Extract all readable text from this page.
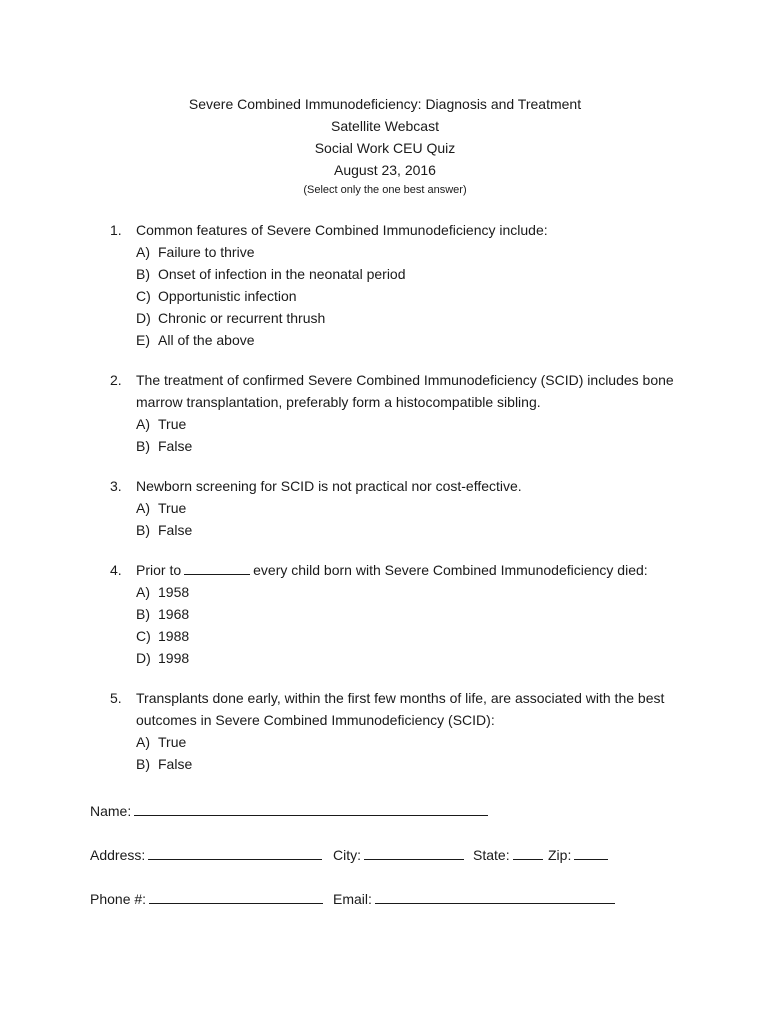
Severe Combined Immunodeficiency: Diagnosis and Treatment
Satellite Webcast
Social Work CEU Quiz
August 23, 2016
(Select only the one best answer)
1. Common features of Severe Combined Immunodeficiency include:
A) Failure to thrive
B) Onset of infection in the neonatal period
C) Opportunistic infection
D) Chronic or recurrent thrush
E) All of the above
2. The treatment of confirmed Severe Combined Immunodeficiency (SCID) includes bone
marrow transplantation, preferably form a histocompatible sibling.
A) True
B) False
3. Newborn screening for SCID is not practical nor cost-effective.
A) True
B) False
4. Prior to	every child born with Severe Combined Immunodeficiency died:
A) 1958
B) 1968
C) 1988
D) 1998
5. Transplants done early, within the first few months of life, are associated with the best
outcomes in Severe Combined Immunodeficiency (SCID):
A) True
B) False
Name:
Address:	City:	State:	Zip:
Phone #:	Email:
